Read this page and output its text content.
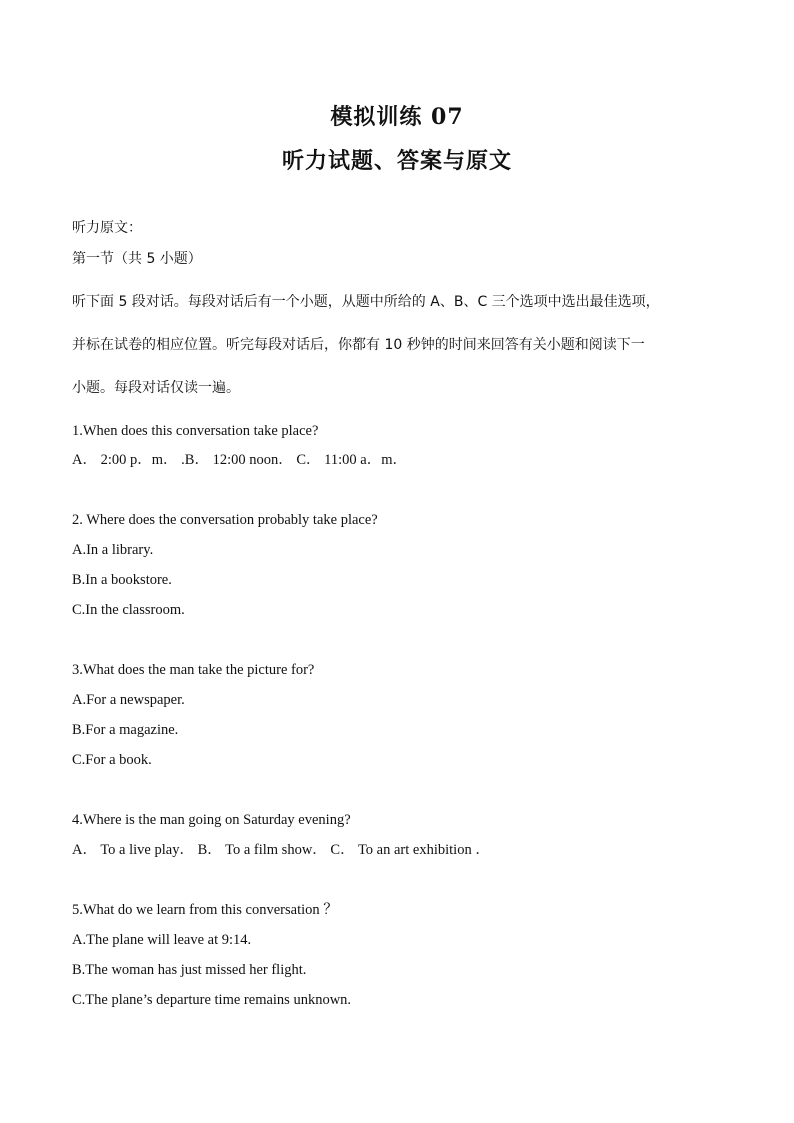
模拟训练 07
听力试题、答案与原文
听力原文：
第一节（共 5 小题）
听下面 5 段对话。每段对话后有一个小题，从题中所给的 A、B、C 三个选项中选出最佳选项，
并标在试卷的相应位置。听完每段对话后，你都有 10 秒钟的时间来回答有关小题和阅读下一
小题。每段对话仅读一遍。
1.When does this conversation take place?
A． 2:00 p．m． .B． 12:00 noon． C． 11:00 a．m．
2. Where does the conversation probably take place?
A.In a library.
B.In a bookstore.
C.In the classroom.
3.What does the man take the picture for?
A.For a newspaper.
B.For a magazine.
C.For a book.
4.Where is the man going on Saturday evening?
A． To a live play． B． To a film show． C． To an art exhibition ．
5.What do we learn from this conversation ？
A.The plane will leave at 9:14.
B.The woman has just missed her flight.
C.The plane’s departure time remains unknown.
